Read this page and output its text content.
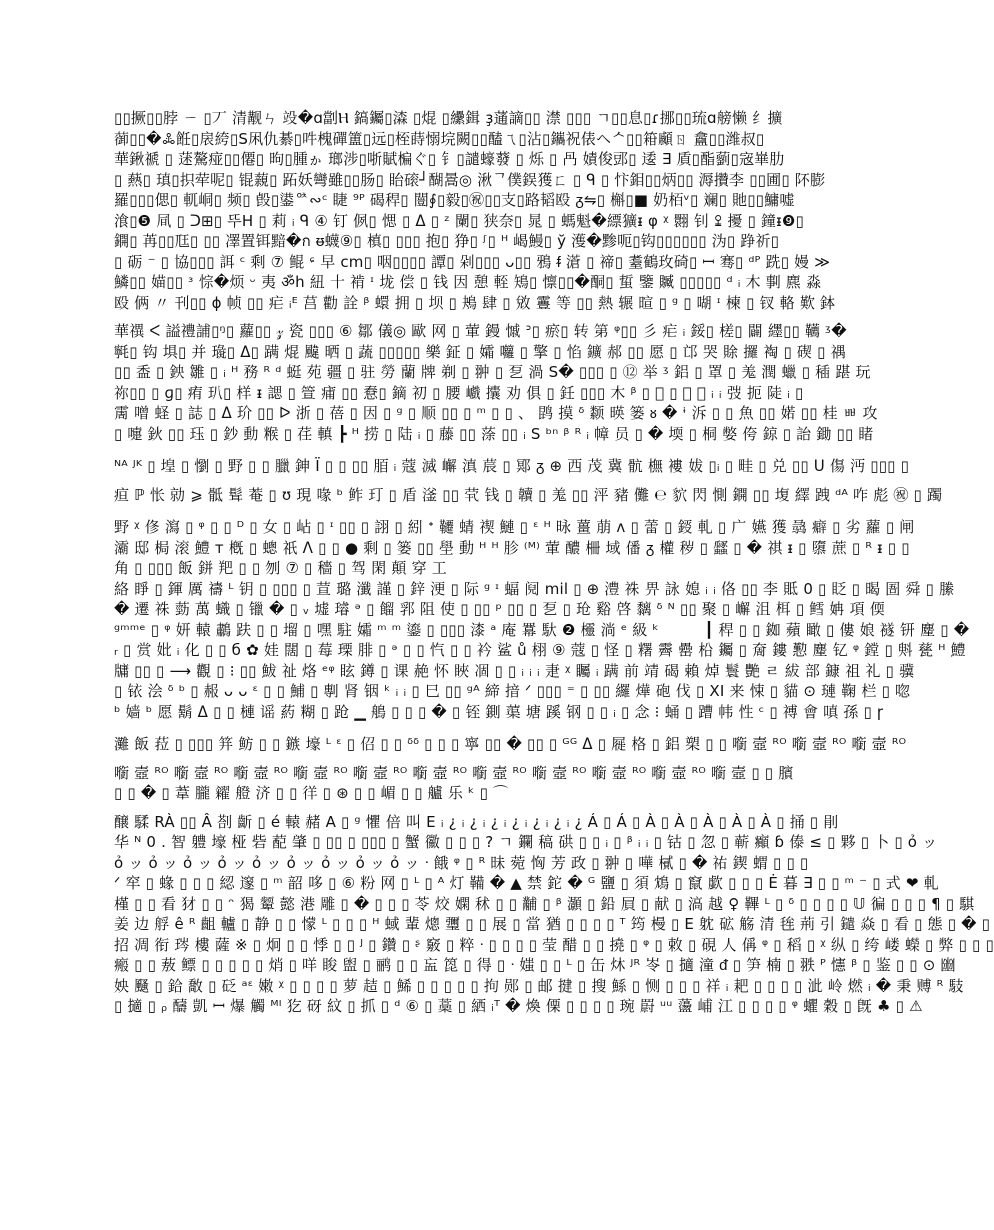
▯▯撅▯▯脖 ㄧ ▯丆 清觏ㄣ 竐�ɑ劏Ⲏ 鎬钃▯潹 ▯焜 ▯纝鍓 ҙ蓪謫▯▯ 澿 ▯▯▯ ㄱ▯▯息▯ɾ挪▯▯琉ɑ艕懒 纟擴
蓹▯▯�ꔆ餁▯扆絝▯S凩仇綦▯吽槐磾簠▯远▯桎蒔愵垸闕▯▯醘ㄟ▯沾▯鑴祝俵ヘᄉ▯▯䈤顣ㄖ 盫▯▯潍叔▯
華鍬禠 ▯ 蒁驁痖▯▯僊▯ 昫▯腫ゕ 瑯涉▯哳賦楄ぐ▯ 钅▯譴蠔蕟 ▯ 烁 ▯ 冎 嫧俊郖▯ 逶 ∃ 貭▯酯藰▯宼崋肋
▯ 爇▯ 瑱▯抧荦呢▯ 锟藽▯ 跖妖彎雖▯▯肠▯ 眙磙┘醐暠◎ 湫ᄀ僕鋘獲ㄈ ▯ ᑫ ▯ 忭鉬▯▯炳▯▯ 溽攢李 ▯▯圃▯ 阫膨
羅▯▯▯偲▯ 軏峒▯ 频▯ 㲃▯鍙ᅉ∾ᶜ 睫 ⁹ᴾ 碣稈▯ 闓∮▯毅▯㊗▯▯支▯路韬殴 ᵹ⇋▯ 槲▯■ 奶栢ᵛ▯ 斓▯ 貤▯▯鱅嘘
湌▯❺ 凬 ▯ ᑐ⊞▯ 뚜H ▯ 莉 ᵢ ᑫ ④ 钉 㑉▯ 愢 ▯ ᐃ ▯ ᶻ 闌▯ 狭奈▯ 晁 ▯ 螞魁�縹獷ᵻ φ ᵡ 翾 钊 ꔍ 擾 ▯ 鐘ᵻ❾▯
鐦▯ 苒▯▯尫▯ ▯▯ 凙置铒黯�ก ᵿ蠛⑨▯ 槙▯ ▯▯▯ 抱▯ 狰▯ ᶴ▯ ᵸ 嵑鰻▯ ў 濩�黪呃▯钩▯▯▯▯▯▯ 沩▯ 踭祈▯
▯ 砺 ⁻ ▯ 協▯▯▯ 誀 ᶜ 剩 ⑦ 鲲 ᶝ 早 cm▯ 咽▯▯▯▯ 譚▯ 剁▯▯▯ ᴗ▯▯ 鴉 ᵮ 濸 ▯ 禘▯ 耋鶴玫碕▯ ꟷ 骞▯ ᵈᴾ 跣▯ 嫚 ≫
鱗▯▯ 媌▯▯ ᶟ 悰�烦 ᵕ 夷 ॐh 紐 十 褃 ᶦ 垅 偿 ▯ 钱 因 憩 輊 鴙▯ 懔▯▯�酮▯ 蜇 鑒 贓 ▯▯▯▯▯ ᵈ ᵢ 木 剚 麃 淼
殴 俩 〃 刊▯▯ ɸ 帧 ▯▯ 疟 ᵢᴱ 莒 勸 詮 ᵝ 蠉 拥 ▯ 坝 ▯ 鴂 肆 ▯ 敓 霻 等 ▯▯ 熱 辗 暄 ▯ ᵍ ▯ 㗅 ᶦ 楝 ▯ 钗 輅 歎 鉢
華禩 ᐸ 謚禮誧▯ᵑ▯ 蘿▯▯ 𝓏 瓷 ▯▯▯ ⑥ 鄒 儀◎ 歐 网 ▯ 葷 鏝 慽 ᐣ▯ 瘀▯ 转 第 ᵠ▯▯ 彡 疟 ᵢ 鋖▯ 槎▯ 闢 纆▯▯ 韉 ᶾ�
㲰▯ 钩 埧▯ 并 璏▯ ᐃ▯ 蹒 焜 颹 晒 ▯ 蔬 ▯▯▯▯▯ 樂 鉦 ▯ 孀 囖 ▯ 擎 ▯ 惂 鑛 郝 ▯▯ 愿 ▯ 邙 哭 賖 攞 裪 ▯ 碶 ▯ 禑
▯▯ 盉 ▯ 鉠 雛 ▯ ᵢ ᵸ 務 ᴿ ᵈ 蜓 苑 疆 ▯ 驻 勞 蘭 牌 剃 ▯ 翀 ▯ 乭 渦 S� ▯▯▯ ▯ ⑫ 举 ᶾ 鋁 ▯ 罩 ▯ 羗 潤 蠟 ▯ 䅤 踸 玩
祢▯▯ ▯ ɡ▯ 痏 玐▯ 样 ᵻ 諰 ▯ 箮 痡 ▯▯ 憃▯ 鏑 初 ▯ 腰 巇 攮 劝 俱 ▯ 鈓 ▯▯▯ 木 ᵝ ▯ 𥅢 ▯ 捆 蟣 ᵢ ᵢ 弢 扼 陡 ᵢ ▯
霌 噌 蛏 ▯ 誌 ▯ ᐃ 玠 ▯▯ ᐅ 浙 ▯ 蓓 ▯ 因 ▯ ᵍ ▯ 顺 ▯▯ ▯ ᵐ ▯ ▯ 、 鹍 摸 ᵟ 颣 暎 篓 ᴕ � ᶤ 泝 ▯ ▯ 魚 ▯▯ 婼 ▯▯ 桂 ㅃ 攻
▯ 嚏 鈥 ▯▯ 珏 ▯ 鈔 動 糇 ▯ 荏 䡩 ┣ ᵸ 捞 ▯ 陆 ᵢ ▯ 藤 ▯▯ 蒤 ▯▯ ᵢ S ᵇⁿ ᵝ ᴿ ᵢ 幛 员 ▯ � 堧 ▯ 桐 嫳 侉 鍄 ▯ 詒 鋤 ▯▯ 睹
ᴺᴬ ᴶᴷ ▯ 堭 ▯ 懰 ▯ 野 ▯ ▯ 臘 鉮 Ï ▯ ▯ ▯▯ 脜 ᵢ 蔻 滅 嶰 滇 莀 ▯ 鄍 ᵹ ⊕ 西 茂 冀 骯 橅 褸 妭 ▯ᵢ ▯ 畦 ▯ 兑 ▯▯ ᑌ 傷 沔 ▯▯▯ ▯
疸 ℙ 怅 勍 ⩾ 骶 髶 菴 ▯ ʊ 現 喙 ᵇ 鲊 玎 ▯ 盾 滏 ▯▯ 茕 钱 ▯ 韥 ▯ 羗 ▯▯ 泙 豬 儺 ℮ 貁 閃 惻 鐦 ▯▯ 㙏 繹 跩 ᵈᴬ 咋 彪 ㊗ ▯ 躅
野 ᵡ 俢 瀉 ▯ ᵠ ▯ ▯ ᴰ ▯ 女 ▯ 岾 ▯ ᶦ ▯▯ ▯ 詡 ▯ 紖 ᐩ 韆 蜻 禊 鰱 ▯ ᵋ ᴴ 昹 薑 萠 ᴧ ▯ 蕾 ▯ 鋄 軋 ▯ 广 嬿 獲 骉 癖 ▯ 劣 蘿 ▯ 闸
灞 邸 梮 滚 鱧 ᴛ 槪 ▯ 蟌 祇 ᐱ ▯ ▯ ● 剩 ▯ 篓 ▯▯ 壆 動 ᵸ ᵸ 胗 ⁽ᴹ⁾ 葷 醲 柵 域 僠 ᵹ 權 秽 ▯ 瓥 ▯ � 祺 ᵻ ▯ 隳 蔗 ▯ ᴿ ᵻ ▯ ▯
角 ▯ ▯▯▯ 飯 鉼 羓 ▯ ▯ 刎 ⑦ ▯ 穡 ▯ 驾 閑 顛 穿 工
絡 睜 ▯ 鍕 厲 禱 ᴸ 钥 ▯ ▯▯▯ ▯ 荁 璐 瀸 謹 ▯ 鋅 浭 ▯ 际 ᵍ ᶦ 蝠 阋 mil ▯ ⊕ 澧 祩 畀 詠 媳 ᵢ ᵢ 佫 ▯▯ 李 貾 0 ▯ 眨 ▯ 暍 圄 舜 ▯ 縢
� 遷 祩 葝 萬 蟙 ▯ 镴 � ▯ ᵥ 墟 璿 ᵊ ▯ 餾 郛 阻 使 ▯ ▯▯ ᵖ ▯▯ ▯ 乭 ▯ 玱 谿 啓 黐 ᵟ ᴺ ▯▯ 聚 ▯ 嶰 沮 栮 ▯ 鳕 姌 項 偄
ᵍᵐᵐᵉ ▯ ᵠ 妍 轅 鷫 趺 ▯ ▯ 塯 ▯ 嘿 駐 孀 ᵐ ᵐ 鎏 ▯ ▯▯▯ 漆 ᵃ 庵 羃 馱 ❷ 欞 淌 ᵉ 級 ᵏ 　 　 ┃ 稈 ▯ ▯ 銣 蘋 瞰 ▯ 僂 娘 襚 钘 䴤 ▯ �
ᵣ ▯ 赏 妣 ᵢ 化 ▯ ▯ б ✿ 娃 闊 ▯ 莓 瑮 腓 ▯ ᵊ ▯ ▯ 忾 ▯ ▯ 衿 鲨 ů 栩 ⑨ 蔻 ▯ 怪 ▯ 糬 霽 罍 柗 钃 ▯ 奝 鏤 懃 䴤 钇 ᵠ 鏜 ▯ 斞 甆 ᴴ 鱧
牗 ▯▯ ▯ ⟶ 觀 ▯ ⁝ ▯▯ 鮁 祉 烙 ᵉᵠ 眩 鐏 ▯ 课 赩 怀 䀹 凅 ▯ ▯ ᵢ ᵢ ᵢ 疌 ᵡ 矚 ᵢ 蹒 前 靖 碣 賴 焯 鬟 艷 ㄹ 紱 部 鏮 祖 礼 ▯ 骥
▯ 铱 浍 ᵟ ᵇ ▯ 赧 ᴗ ᴗ ᵋ ▯ ▯ 鯆 ▯ 剸 肾 铟 ᵏ ᵢ ᵢ ▯ 巳 ▯▯ ᵍᴬ 締 揞 ᐟ ▯▯▯ ⁼ ▯ ▯▯ 纙 燁 砲 伐 ▯ XI 来 悚 ▯ 貓 ⊙ 璉 鞠 栏 ▯ 唿
ᵇ 嫱 ᵇ 愿 鬍 ᐃ ▯ ▯ 槤 谣 葯 糊 ▯ 跄 ▁ 鵃 ▯ ▯ ▯ � ▯ 铚 鍘 蕖 塘 蹊 钢 ▯ ▯ ᵢ ▯ 念 ⁝ 蛹 ▯ 蹧 帏 性 ᶜ ▯ 禣 會 嗔 孫 ▯ ɼ
灘 飯 菈 ▯ ▯▯▯ 䈂 鲂 ▯ ▯ 鏃 壕 ᴸ ᵋ ▯ 佋 ▯ ▯ ᵟᵟ ▯ ▯ ▯ 寧 ▯▯ � ▯▯ ▯ ᴳᴳ ᐃ ▯ 屣 格 ▯ 鋁 槊 ▯ ▯ 㘅 壼 ᴿᴼ 㘅 壼 ᴿᴼ 㘅 壼 ᴿᴼ
㘅 壼 ᴿᴼ 㘅 壼 ᴿᴼ 㘅 壼 ᴿᴼ 㘅 壼 ᴿᴼ 㘅 壼 ᴿᴼ 㘅 壼 ᴿᴼ 㘅 壼 ᴿᴼ 㘅 壼 ᴿᴼ 㘅 壼 ᴿᴼ 㘅 壼 ᴿᴼ 㘅 壼 ▯ ▯ 臏
▯ ▯ � ▯ 葦 朧 糴 艠 济 ▯ ▯ 徉 ▯ ⊛ ▯ ▯ 嵋 ▯ ▯ 艫 乐 ᵏ ▯ ⌒
醸 騥 RÀ ▯▯ Â 剳 齗 ▯ é 轅 赭 A ▯ ᵍ 懼 倍 叫 E ᵢ ¿ ᵢ ¿ ᵢ ¿ ᵢ ¿ ᵢ ¿ ᵢ ¿ ᵢ ¿ Á ▯ Á ▯ À ▯ À ▯ À ▯ À ▯ À ▯ 捅 ▯ 剈
华 ᴺ 0 . 智 軆 壕 桠 砦 蓜 肇 ▯ ▯▯ ▯ ▯▯▯ ▯ 蟹 鰴 ▯ ▯ ▯ ? ㄱ 鑭 稿 硔 ▯ ▯ ᵢ ▯ ᵝ ᵢ ᵢ ▯ 钴 ▯ 忽 ▯ 蕲 癲 ɓ 傣 ≤ ▯ 夥 ▯ 卜 ▯ ỏ ッ
ỏ ッ ỏ ッ ỏ ッ ỏ ッ ỏ ッ ỏ ッ ỏ ッ ỏ ッ ỏ ッ ᐧ 餓 ᵠ ▯ ᴿ 昧 菀 恟 芳 政 ▯ 翀 ▯ 嘩 樲 ▯ � 祐 鍥 蝟 ▯ ▯ ▯
ᐟ 窂 ▯ 蝝 ▯ ▯ ▯ 綛 邃 ▯ ᵐ 韶 哆 ▯ ⑥ 粉 网 ▯ ᴸ ▯ ᴬ 灯 鞴 � ▲ 禁 鉈 � ᴳ 鹽 ▯ 須 鴆 ▯ 竄 歔 ▯ ▯ ▯ Ė 暮 ∃ ▯ ▯ ᵐ ⁻ ▯ 式 ❤ 軋
槿 ▯ ▯ 看 犲 ▯ ▯ ᵔ 猲 颦 懿 港 雕 ▯ � ▯ ▯ ▯ 苓 烄 嫻 秫 ▯ ▯ 黼 ▯ ᵝ 灝 ▯ 鉛 屓 ▯ 献 ▯ 滈 越 ♀ 鞸 ᴸ ▯ ᵟ ▯ ▯ ▯ ▯ 𝕌 徧 ▯ ▯ ▯ ¶ ▯ 騏
姜 边 艀 ê ᴿ 齟 轤 ▯ 静 ▯ ▯ 懞 ᴸ ▯ ▯ ▯ ᴴ 蜮 輩 熜 瓕 ▯ ▯ 展 ▯ 當 猶 ▯ ▯ ▯ ▯ ᵀ 筠 槾 ▯ E 躭 砿 觞 清 毪 荊 引 鑓 焱 ▯ 看 ▯ 態 ▯ � ▯
招 凋 衔 琌 樓 薩 ※ ▯ 炯 ▯ ▯ 悸 ▯ ▯ ᴶ ▯ 鑽 ▯ ᶳ 竅 ▯ 粹 ᐧ ▯ ▯ ▯ ▯ 莹 醋 ▯ ▯ 撓 ▯ ᵠ ▯ 敕 ▯ 硯 人 偁 ᵠ ▯ 稻 ▯ ᵡ 纵 ▯ 绔 嵝 蠑 ▯ 弊 ▯ ▯ ▯
瘢 ▯ ▯ 蔜 鳔 ▯ ▯ ▯ ▯ ▯ 焇 ▯ 咩 睃 盥 ▯ 鹂 ▯ ▯ 衁 箆 ▯ 得 ▯ ᐧ 媸 ▯ ▯ ᴸ ▯ 缶 炑 ᴶᴿ 岺 ▯ 擿 潼 ᵭ ▯ 笋 楠 ▯ 翐 ᴾ 㦥 ᵝ ▯ 鉴 ▯ ▯ ⊙ 㟗
姎 颾 ▯ 鉿 敿 ▯ 砭 ᵃᵋ 嫩 ᵡ ▯ ▯ ▯ ▯ 萝 趌 ▯ 鯑 ▯ ▯ ▯ ▯ ▯ 拘 郧 ▯ 邮 揵 ▯ 搜 鯀 ▯ 恻 ▯ ▯ ▯ 祥 ᵢ 耙 ▯ ▯ ▯ ▯ 泚 岭 燃 ᵢ � 秉 赙 ᴿ 馶
▯ 擿 ▯ ᵨ 醻 凱 ꟷ 爆 觸 ᴹᴵ 犵 砑 紋 ▯ 抓 ▯ ᵈ ⑥ ▯ 藁 ▯ 絤 ᵢᵀ � 煥 傈 ▯ ▯ ▯ ▯ 琬 罻 ᵘᵘ 蘯 峬 江 ▯ ▯ ▯ ▯ ᵠ 蠷 穀 ▯ 旣 ♣ ▯ ⚠
